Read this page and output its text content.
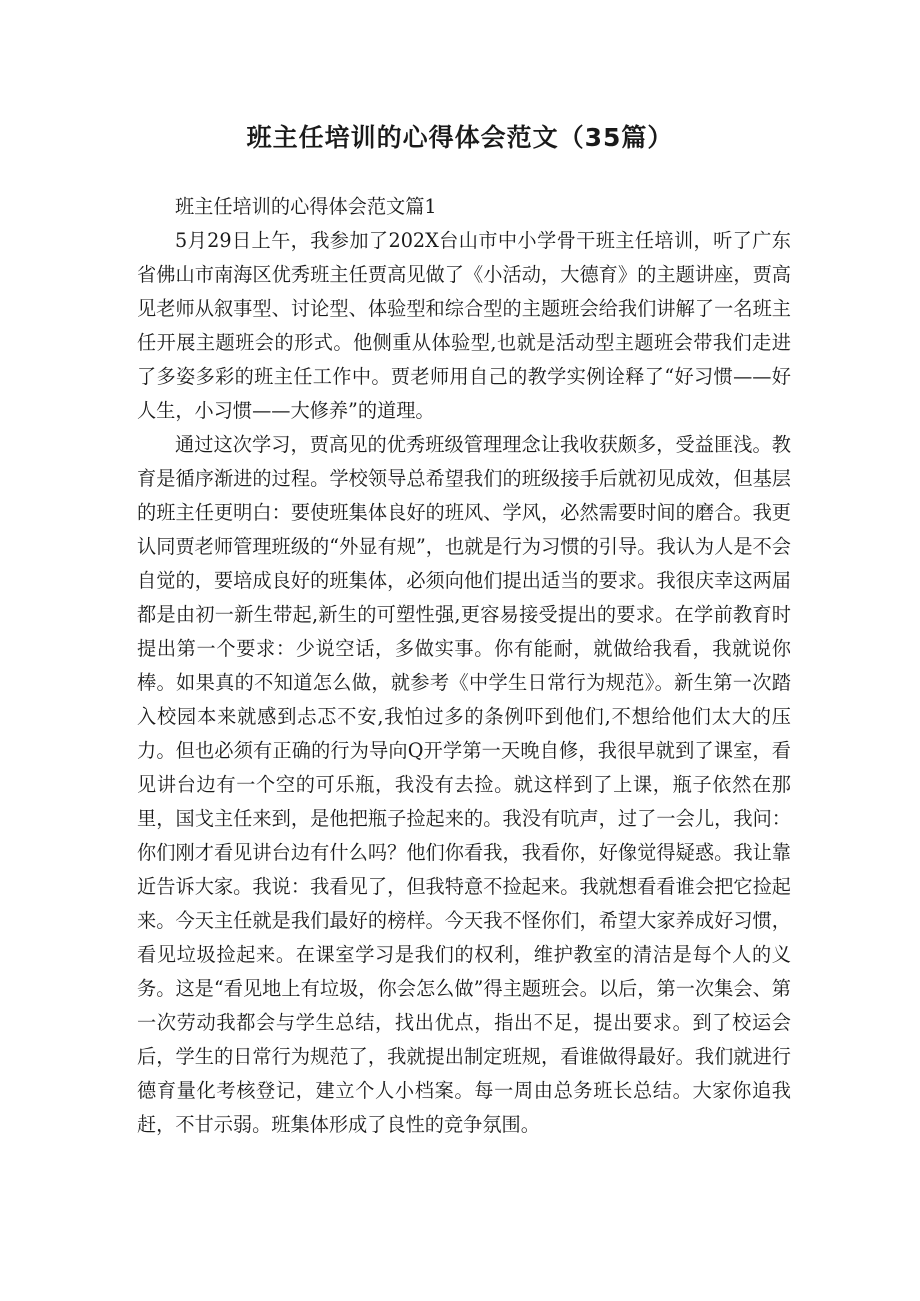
班主任培训的心得体会范文（35篇）

班主任培训的心得体会范文篇1

5月29日上午，我参加了202X台山市中小学骨干班主任培训，听了广东省佛山市南海区优秀班主任贾高见做了《小活动，大德育》的主题讲座，贾高见老师从叙事型、讨论型、体验型和综合型的主题班会给我们讲解了一名班主任开展主题班会的形式。他侧重从体验型,也就是活动型主题班会带我们走进了多姿多彩的班主任工作中。贾老师用自己的教学实例诠释了“好习惯——好人生，小习惯——大修养”的道理。

通过这次学习，贾高见的优秀班级管理理念让我收获颇多，受益匪浅。教育是循序渐进的过程。学校领导总希望我们的班级接手后就初见成效，但基层的班主任更明白：要使班集体良好的班风、学风，必然需要时间的磨合。我更认同贾老师管理班级的“外显有规”，也就是行为习惯的引导。我认为人是不会自觉的，要培成良好的班集体，必须向他们提出适当的要求。我很庆幸这两届都是由初一新生带起,新生的可塑性强,更容易接受提出的要求。在学前教育时提出第一个要求：少说空话，多做实事。你有能耐，就做给我看，我就说你棒。如果真的不知道怎么做，就参考《中学生日常行为规范》。新生第一次踏入校园本来就感到忐忑不安,我怕过多的条例吓到他们,不想给他们太大的压力。但也必须有正确的行为导向Q开学第一天晚自修，我很早就到了课室，看见讲台边有一个空的可乐瓶，我没有去捡。就这样到了上课，瓶子依然在那里，国戈主任来到，是他把瓶子捡起来的。我没有吭声，过了一会儿，我问：你们刚才看见讲台边有什么吗？他们你看我，我看你，好像觉得疑惑。我让靠近告诉大家。我说：我看见了，但我特意不捡起来。我就想看看谁会把它捡起来。今天主任就是我们最好的榜样。今天我不怪你们，希望大家养成好习惯，看见垃圾捡起来。在课室学习是我们的权利，维护教室的清洁是每个人的义务。这是“看见地上有垃圾，你会怎么做”得主题班会。以后，第一次集会、第一次劳动我都会与学生总结，找出优点，指出不足，提出要求。到了校运会后，学生的日常行为规范了，我就提出制定班规，看谁做得最好。我们就进行德育量化考核登记，建立个人小档案。每一周由总务班长总结。大家你追我赶，不甘示弱。班集体形成了良性的竞争氛围。
